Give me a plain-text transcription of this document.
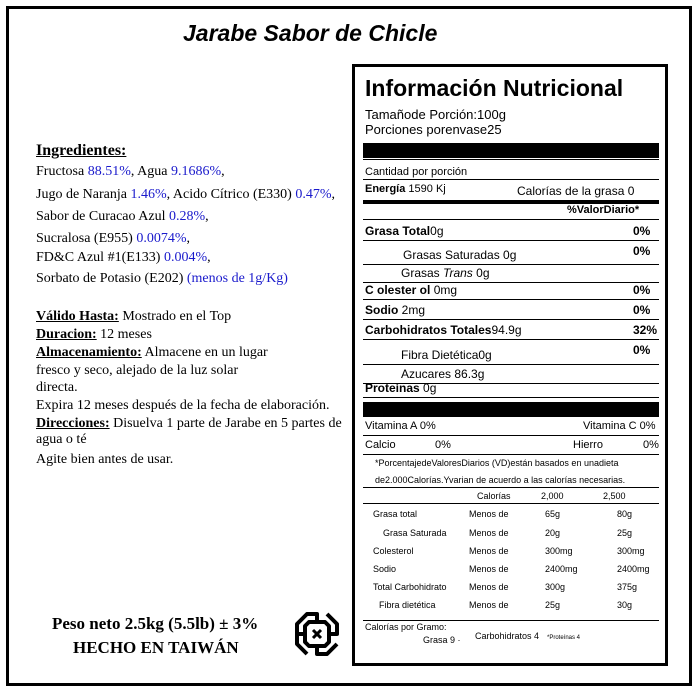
Jarabe Sabor de Chicle
Ingredientes:
Fructosa 88.51%, Agua 9.1686%,
Jugo de Naranja 1.46%, Acido Cítrico (E330) 0.47%,
Sabor de Curacao Azul 0.28%,
Sucralosa (E955) 0.0074%,
FD&C Azul #1(E133) 0.004%,
Sorbato de Potasio (E202) (menos de 1g/Kg)
Válido Hasta: Mostrado en el Top
Duracion: 12 meses
Almacenamiento: Almacene en un lugar
fresco y seco, alejado de la luz solar
directa.
Expira 12 meses después de la fecha de elaboración.
Direcciones: Disuelva 1 parte de Jarabe en 5 partes de
agua o té
Agite bien antes de usar.
Peso neto 2.5kg (5.5lb) ± 3%
HECHO EN TAIWÁN
Información Nutricional
Tamañode Porción:100g
Porciones porenvase25
Cantidad por porción
Energía 1590 Kj	Calorías de la grasa 0
%ValorDiario*
Grasa Total0g	0%
Grasas Saturadas 0g	0%
Grasas Trans 0g
C olester ol 0mg	0%
Sodio 2mg	0%
Carbohidratos Totales94.9g	32%
Fibra Dietética0g	0%
Azucares 86.3g
Proteínas 0g
Vitamina A 0%	Vitamina C 0%
Calcio	0%	Hierro	0%
*PorcentajedeValoresDiarios (VD)están basados en unadieta
de2.000Calorías.Yvarian de acuerdo a las calorías necesarias.
Calorías	2,000	2,500
Grasa total	Menos de	65g	80g
Grasa Saturada Menos de	20g	25g
Colesterol	Menos de	300mg	300mg
Sodio	Menos de	2400mg	2400mg
Total Carbohidrato Menos de	300g	375g
Fibra dietética	Menos de	25g	30g
Calorías por Gramo:
Grasa 9 · Carbohidratos 4 *Proteínas 4
